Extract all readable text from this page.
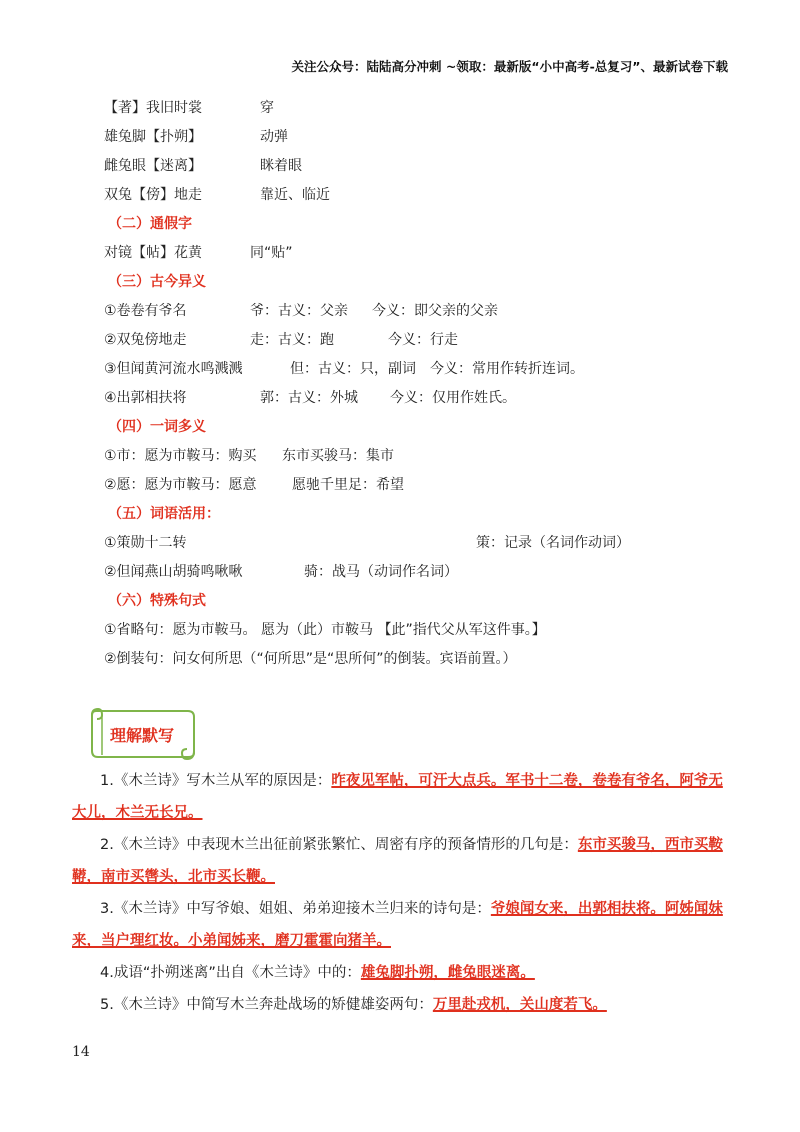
关注公众号：陆陆高分冲刺 ~领取：最新版“小中高考-总复习”、最新试卷下载
【著】我旧时裳	穿
雄兔脚【扑朔】	动弹
雌兔眼【迷离】	眯着眼
双兔【傍】地走	靠近、临近
（二）通假字
对镜【帖】花黄	同“贴”
（三）古今异义
①卷卷有爷名	爷：古义：父亲 今义：即父亲的父亲
②双兔傍地走	走：古义：跑	今义：行走
③但闻黄河流水鸣溅溅	但：古义：只，副词 今义：常用作转折连词。
④出郭相扶将	郭：古义：外城 今义：仅用作姓氏。
（四）一词多义
①市：愿为市鞍马：购买 东市买骏马：集市
②愿：愿为市鞍马：愿意	愿驰千里足：希望
（五）词语活用：
①策勋十二转	策：记录（名词作动词）
②但闻燕山胡骑鸣啾啾	骑：战马（动词作名词）
（六）特殊句式
①省略句：愿为市鞍马。 愿为（此）市鞍马 【此”指代父从军这件事。】
②倒装句：问女何所思（“何所思”是“思所何”的倒装。宾语前置。）
理解默写

1.《木兰诗》写木兰从军的原因是：昨夜见军帖，可汗大点兵。军书十二卷，卷卷有爷名，阿爷无大儿，木兰无长兄。

2.《木兰诗》中表现木兰出征前紧张繁忙、周密有序的预备情形的几句是：东市买骏马，西市买鞍鞯，南市买辔头，北市买长鞭。

3.《木兰诗》中写爷娘、姐姐、弟弟迎接木兰归来的诗句是：爷娘闻女来，出郭相扶将。阿姊闻妹来，当户理红妆。小弟闻姊来，磨刀霍霍向猪羊。

4.成语“扑朔迷离”出自《木兰诗》中的：雄兔脚扑朔，雌兔眼迷离。

5.《木兰诗》中简写木兰奔赴战场的矫健雄姿两句：万里赴戎机，关山度若飞。

14
